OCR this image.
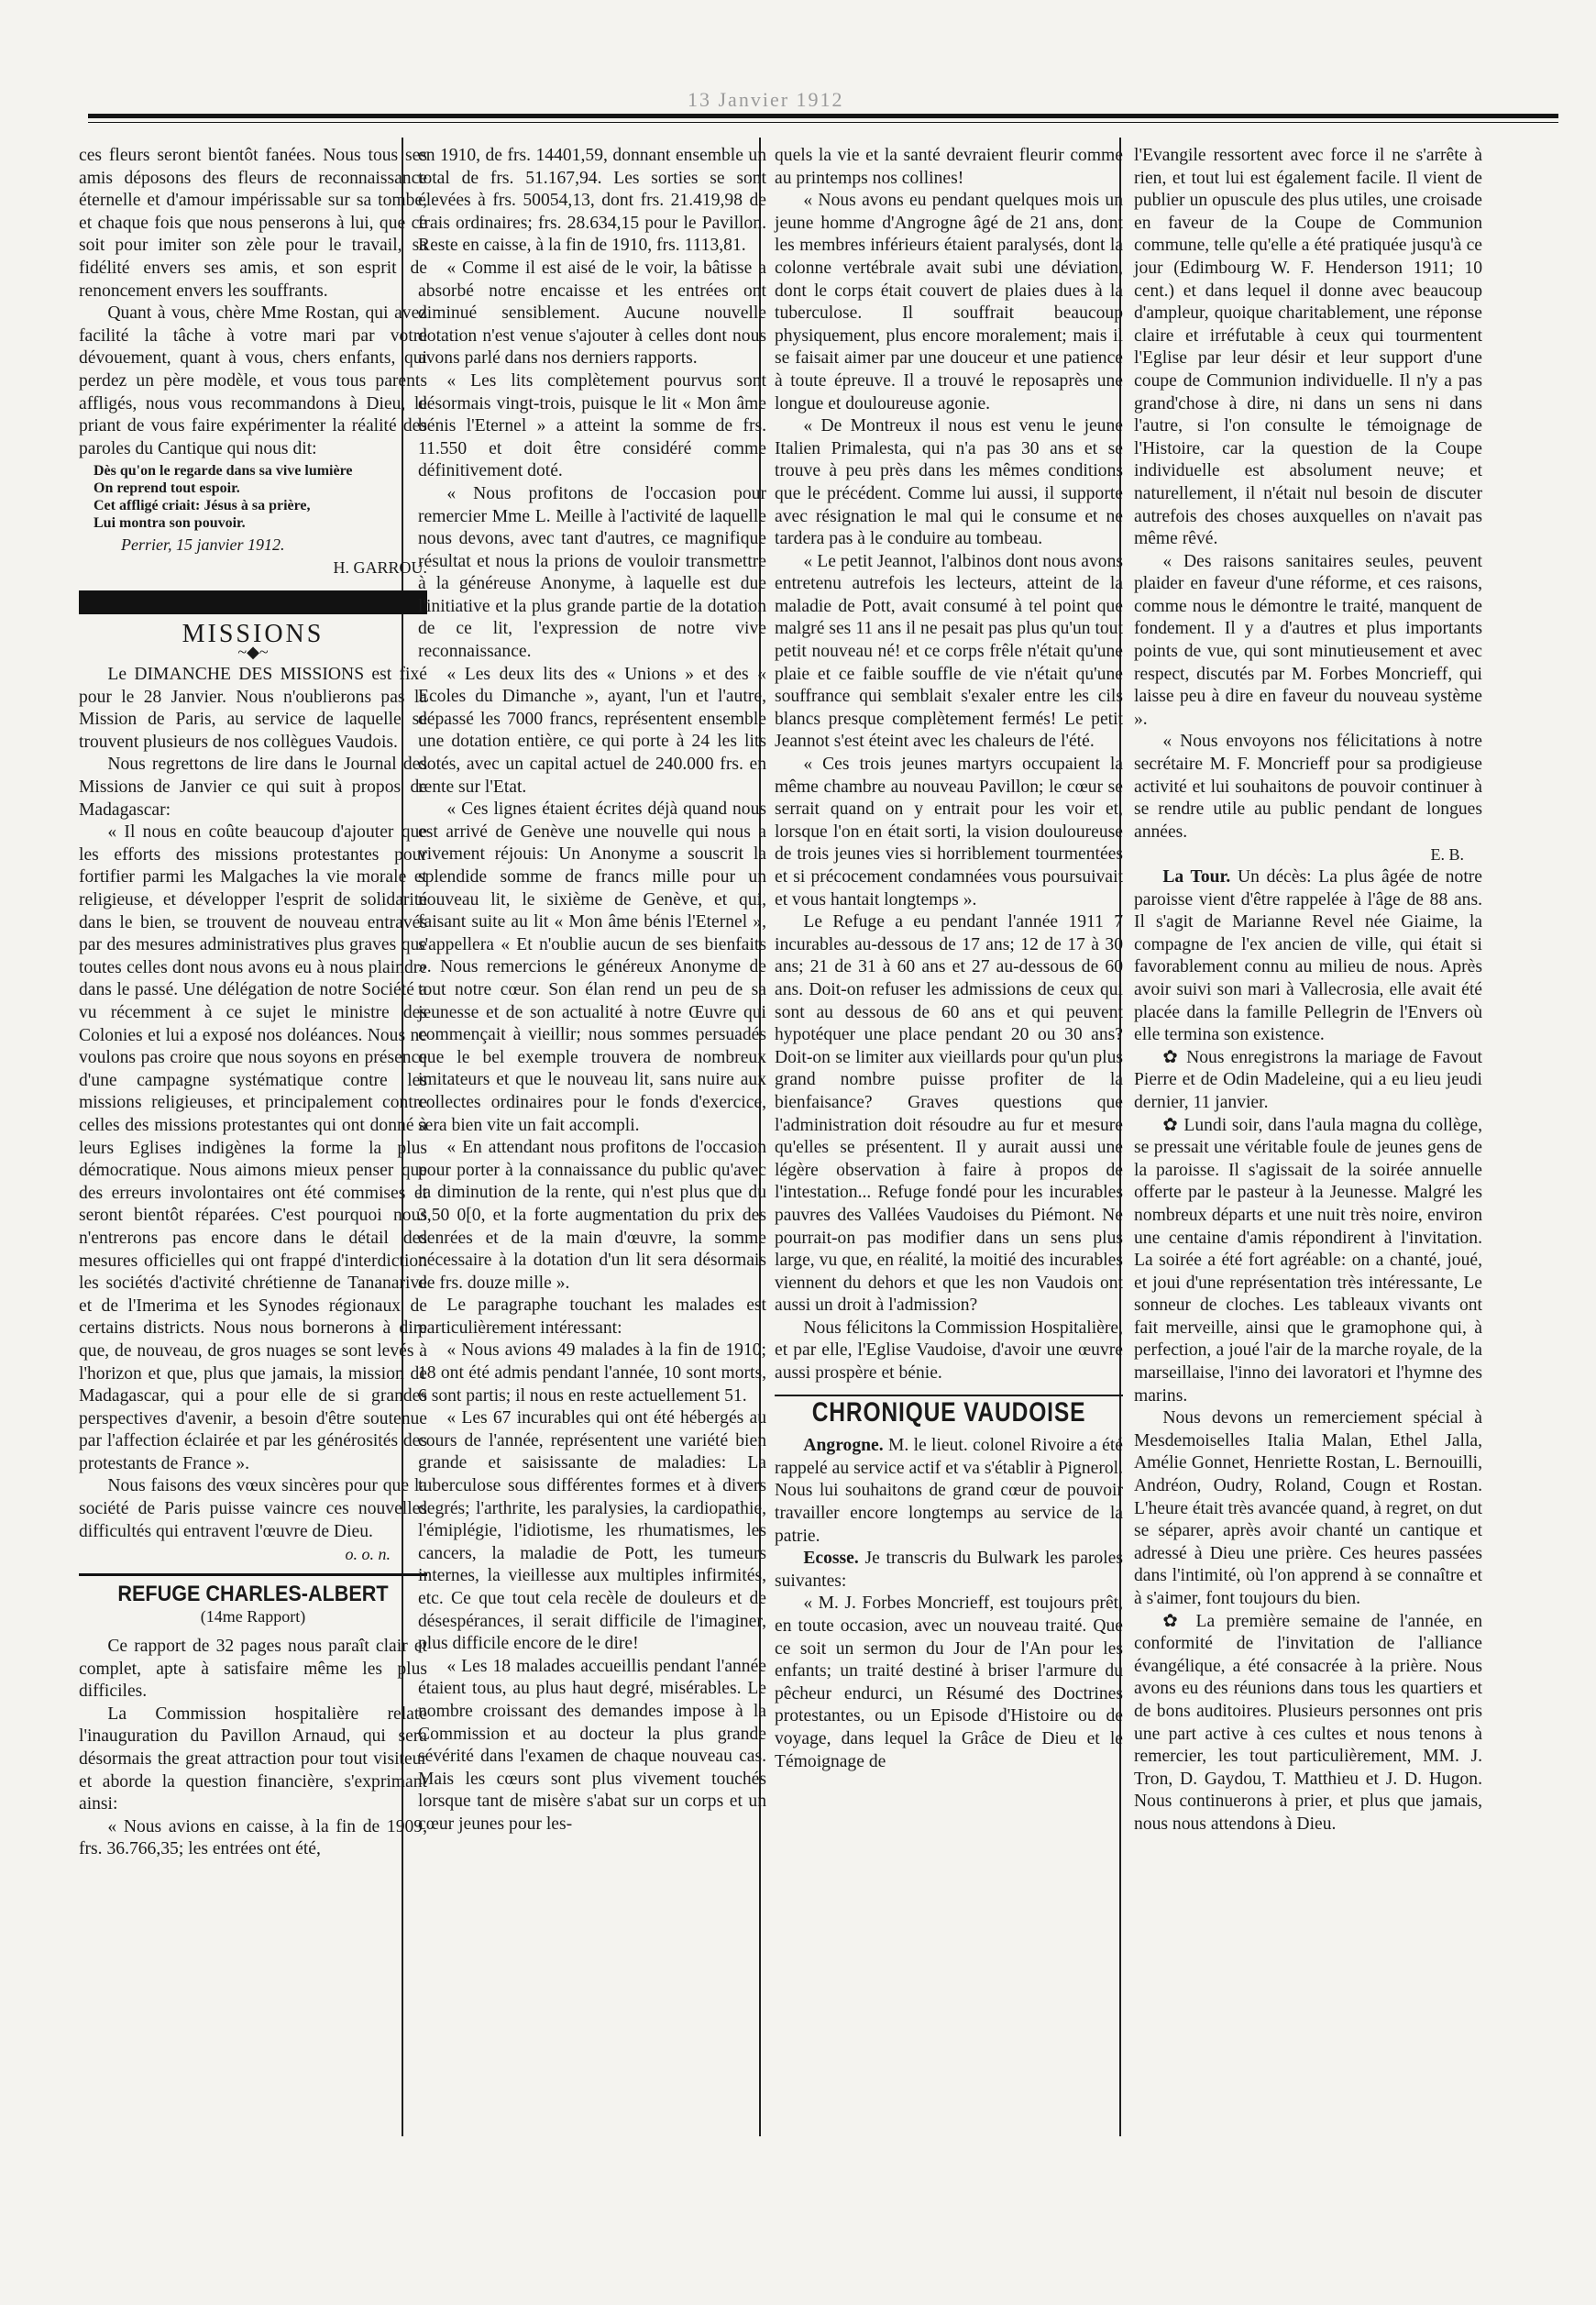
13 Janvier 1912

ces fleurs seront bientôt fanées. Nous tous ses amis déposons des fleurs de reconnaissance éternelle et d'amour impérissable sur sa tombe, et chaque fois que nous penserons à lui, que ce soit pour imiter son zèle pour le travail, sa fidélité envers ses amis, et son esprit de renoncement envers les souffrants.

Quant à vous, chère Mme Rostan, qui avez facilité la tâche à votre mari par votre dévouement, quant à vous, chers enfants, qui perdez un père modèle, et vous tous parents affligés, nous vous recommandons à Dieu, le priant de vous faire expérimenter la réalité des paroles du Cantique qui nous dit:

Dès qu'on le regarde dans sa vive lumière
On reprend tout espoir.
Cet affligé criait: Jésus à sa prière,
Lui montra son pouvoir.
Perrier, 15 janvier 1912.
H. GARROU.
MISSIONS
~◆~

Le DIMANCHE DES MISSIONS est fixé pour le 28 Janvier. Nous n'oublierons pas la Mission de Paris, au service de laquelle se trouvent plusieurs de nos collègues Vaudois.

Nous regrettons de lire dans le Journal des Missions de Janvier ce qui suit à propos de Madagascar:

« Il nous en coûte beaucoup d'ajouter que les efforts des missions protestantes pour fortifier parmi les Malgaches la vie morale et religieuse, et développer l'esprit de solidarité dans le bien, se trouvent de nouveau entravés par des mesures administratives plus graves que toutes celles dont nous avons eu à nous plaindre dans le passé. Une délégation de notre Société a vu récemment à ce sujet le ministre des Colonies et lui a exposé nos doléances. Nous ne voulons pas croire que nous soyons en présence d'une campagne systématique contre les missions religieuses, et principalement contre celles des missions protestantes qui ont donné à leurs Eglises indigènes la forme la plus démocratique. Nous aimons mieux penser que des erreurs involontaires ont été commises et seront bientôt réparées. C'est pourquoi nous n'entrerons pas encore dans le détail des mesures officielles qui ont frappé d'interdiction les sociétés d'activité chrétienne de Tananarive et de l'Imerima et les Synodes régionaux de certains districts. Nous nous bornerons à dire que, de nouveau, de gros nuages se sont levés à l'horizon et que, plus que jamais, la mission de Madagascar, qui a pour elle de si grandes perspectives d'avenir, a besoin d'être soutenue par l'affection éclairée et par les générosités des protestants de France ».

Nous faisons des vœux sincères pour que la société de Paris puisse vaincre ces nouvelles difficultés qui entravent l'œuvre de Dieu.

o. o. n.
REFUGE CHARLES-ALBERT
(14me Rapport)

Ce rapport de 32 pages nous paraît clair et complet, apte à satisfaire même les plus difficiles.

La Commission hospitalière relate l'inauguration du Pavillon Arnaud, qui sera désormais the great attraction pour tout visiteur et aborde la question financière, s'exprimant ainsi:

« Nous avions en caisse, à la fin de 1909, frs. 36.766,35; les entrées ont été,

en 1910, de frs. 14401,59, donnant ensemble un total de frs. 51.167,94. Les sorties se sont élevées à frs. 50054,13, dont frs. 21.419,98 de frais ordinaires; frs. 28.634,15 pour le Pavillon. Reste en caisse, à la fin de 1910, frs. 1113,81.

« Comme il est aisé de le voir, la bâtisse a absorbé notre encaisse et les entrées ont diminué sensiblement. Aucune nouvelle dotation n'est venue s'ajouter à celles dont nous avons parlé dans nos derniers rapports.

« Les lits complètement pourvus sont désormais vingt-trois, puisque le lit « Mon âme bénis l'Eternel » a atteint la somme de frs. 11.550 et doit être considéré comme définitivement doté.

« Nous profitons de l'occasion pour remercier Mme L. Meille à l'activité de laquelle nous devons, avec tant d'autres, ce magnifique résultat et nous la prions de vouloir transmettre à la généreuse Anonyme, à laquelle est due l'initiative et la plus grande partie de la dotation de ce lit, l'expression de notre vive reconnaissance.

« Les deux lits des « Unions » et des « Ecoles du Dimanche », ayant, l'un et l'autre, dépassé les 7000 francs, représentent ensemble une dotation entière, ce qui porte à 24 les lits dotés, avec un capital actuel de 240.000 frs. en rente sur l'Etat.

« Ces lignes étaient écrites déjà quand nous est arrivé de Genève une nouvelle qui nous a vivement réjouis: Un Anonyme a souscrit la splendide somme de francs mille pour un nouveau lit, le sixième de Genève, et qui, faisant suite au lit « Mon âme bénis l'Eternel », s'appellera « Et n'oublie aucun de ses bienfaits ». Nous remercions le généreux Anonyme de tout notre cœur. Son élan rend un peu de sa jeunesse et de son actualité à notre Œuvre qui commençait à vieillir; nous sommes persuadés que le bel exemple trouvera de nombreux imitateurs et que le nouveau lit, sans nuire aux collectes ordinaires pour le fonds d'exercice, sera bien vite un fait accompli.

« En attendant nous profitons de l'occasion pour porter à la connaissance du public qu'avec la diminution de la rente, qui n'est plus que du 3,50 0[0, et la forte augmentation du prix des denrées et de la main d'œuvre, la somme nécessaire à la dotation d'un lit sera désormais de frs. douze mille ».

Le paragraphe touchant les malades est particulièrement intéressant:

« Nous avions 49 malades à la fin de 1910; 18 ont été admis pendant l'année, 10 sont morts, 6 sont partis; il nous en reste actuellement 51.

« Les 67 incurables qui ont été hébergés au cours de l'année, représentent une variété bien grande et saisissante de maladies: La tuberculose sous différentes formes et à divers degrés; l'arthrite, les paralysies, la cardiopathie, l'émiplégie, l'idiotisme, les rhumatismes, les cancers, la maladie de Pott, les tumeurs internes, la vieillesse aux multiples infirmités, etc. Ce que tout cela recèle de douleurs et de désespérances, il serait difficile de l'imaginer, plus difficile encore de le dire!

« Les 18 malades accueillis pendant l'année étaient tous, au plus haut degré, misérables. Le nombre croissant des demandes impose à la Commission et au docteur la plus grande sévérité dans l'examen de chaque nouveau cas. Mais les cœurs sont plus vivement touchés lorsque tant de misère s'abat sur un corps et un cœur jeunes pour les-

quels la vie et la santé devraient fleurir comme au printemps nos collines!

« Nous avons eu pendant quelques mois un jeune homme d'Angrogne âgé de 21 ans, dont les membres inférieurs étaient paralysés, dont la colonne vertébrale avait subi une déviation, dont le corps était couvert de plaies dues à la tuberculose. Il souffrait beaucoup physiquement, plus encore moralement; mais il se faisait aimer par une douceur et une patience à toute épreuve. Il a trouvé le reposaprès une longue et douloureuse agonie.

« De Montreux il nous est venu le jeune Italien Primalesta, qui n'a pas 30 ans et se trouve à peu près dans les mêmes conditions que le précédent. Comme lui aussi, il supporte avec résignation le mal qui le consume et ne tardera pas à le conduire au tombeau.

« Le petit Jeannot, l'albinos dont nous avons entretenu autrefois les lecteurs, atteint de la maladie de Pott, avait consumé à tel point que malgré ses 11 ans il ne pesait pas plus qu'un tout petit nouveau né! et ce corps frêle n'était qu'une plaie et ce faible souffle de vie n'était qu'une souffrance qui semblait s'exaler entre les cils blancs presque complètement fermés! Le petit Jeannot s'est éteint avec les chaleurs de l'été.

« Ces trois jeunes martyrs occupaient la même chambre au nouveau Pavillon; le cœur se serrait quand on y entrait pour les voir et, lorsque l'on en était sorti, la vision douloureuse de trois jeunes vies si horriblement tourmentées et si précocement condamnées vous poursuivait et vous hantait longtemps ».

Le Refuge a eu pendant l'année 1911 7 incurables au-dessous de 17 ans; 12 de 17 à 30 ans; 21 de 31 à 60 ans et 27 au-dessous de 60 ans. Doit-on refuser les admissions de ceux qui sont au dessous de 60 ans et qui peuvent hypotéquer une place pendant 20 ou 30 ans? Doit-on se limiter aux vieillards pour qu'un plus grand nombre puisse profiter de la bienfaisance? Graves questions que l'administration doit résoudre au fur et mesure qu'elles se présentent. Il y aurait aussi une légère observation à faire à propos de l'intestation... Refuge fondé pour les incurables pauvres des Vallées Vaudoises du Piémont. Ne pourrait-on pas modifier dans un sens plus large, vu que, en réalité, la moitié des incurables viennent du dehors et que les non Vaudois ont aussi un droit à l'admission?

Nous félicitons la Commission Hospitalière, et par elle, l'Eglise Vaudoise, d'avoir une œuvre aussi prospère et bénie.

CHRONIQUE VAUDOISE

Angrogne. M. le lieut. colonel Rivoire a été rappelé au service actif et va s'établir à Pignerol. Nous lui souhaitons de grand cœur de pouvoir travailler encore longtemps au service de la patrie.

Ecosse. Je transcris du Bulwark les paroles suivantes:

« M. J. Forbes Moncrieff, est toujours prêt, en toute occasion, avec un nouveau traité. Que ce soit un sermon du Jour de l'An pour les enfants; un traité destiné à briser l'armure du pêcheur endurci, un Résumé des Doctrines protestantes, ou un Episode d'Histoire ou de voyage, dans lequel la Grâce de Dieu et le Témoignage de

l'Evangile ressortent avec force il ne s'arrête à rien, et tout lui est également facile. Il vient de publier un opuscule des plus utiles, une croisade en faveur de la Coupe de Communion commune, telle qu'elle a été pratiquée jusqu'à ce jour (Edimbourg W. F. Henderson 1911; 10 cent.) et dans lequel il donne avec beaucoup d'ampleur, quoique charitablement, une réponse claire et irréfutable à ceux qui tourmentent l'Eglise par leur désir et leur support d'une coupe de Communion individuelle. Il n'y a pas grand'chose à dire, ni dans un sens ni dans l'autre, si l'on consulte le témoignage de l'Histoire, car la question de la Coupe individuelle est absolument neuve; et naturellement, il n'était nul besoin de discuter autrefois des choses auxquelles on n'avait pas même rêvé.

« Des raisons sanitaires seules, peuvent plaider en faveur d'une réforme, et ces raisons, comme nous le démontre le traité, manquent de fondement. Il y a d'autres et plus importants points de vue, qui sont minutieusement et avec respect, discutés par M. Forbes Moncrieff, qui laisse peu à dire en faveur du nouveau système ».

« Nous envoyons nos félicitations à notre secrétaire M. F. Moncrieff pour sa prodigieuse activité et lui souhaitons de pouvoir continuer à se rendre utile au public pendant de longues années.

E. B.

La Tour. Un décès: La plus âgée de notre paroisse vient d'être rappelée à l'âge de 88 ans. Il s'agit de Marianne Revel née Giaime, la compagne de l'ex ancien de ville, qui était si favorablement connu au milieu de nous. Après avoir suivi son mari à Vallecrosia, elle avait été placée dans la famille Pellegrin de l'Envers où elle termina son existence.

✿ Nous enregistrons la mariage de Favout Pierre et de Odin Madeleine, qui a eu lieu jeudi dernier, 11 janvier.

✿ Lundi soir, dans l'aula magna du collège, se pressait une véritable foule de jeunes gens de la paroisse. Il s'agissait de la soirée annuelle offerte par le pasteur à la Jeunesse. Malgré les nombreux départs et une nuit très noire, environ une centaine d'amis répondirent à l'invitation. La soirée a été fort agréable: on a chanté, joué, et joui d'une représentation très intéressante, Le sonneur de cloches. Les tableaux vivants ont fait merveille, ainsi que le gramophone qui, à perfection, a joué l'air de la marche royale, de la marseillaise, l'inno dei lavoratori et l'hymne des marins.

Nous devons un remerciement spécial à Mesdemoiselles Italia Malan, Ethel Jalla, Amélie Gonnet, Henriette Rostan, L. Bernouilli, Andréon, Oudry, Roland, Cougn et Rostan. L'heure était très avancée quand, à regret, on dut se séparer, après avoir chanté un cantique et adressé à Dieu une prière. Ces heures passées dans l'intimité, où l'on apprend à se connaître et à s'aimer, font toujours du bien.

✿ La première semaine de l'année, en conformité de l'invitation de l'alliance évangélique, a été consacrée à la prière. Nous avons eu des réunions dans tous les quartiers et de bons auditoires. Plusieurs personnes ont pris une part active à ces cultes et nous tenons à remercier, les tout particulièrement, MM. J. Tron, D. Gaydou, T. Matthieu et J. D. Hugon. Nous continuerons à prier, et plus que jamais, nous nous attendons à Dieu.
